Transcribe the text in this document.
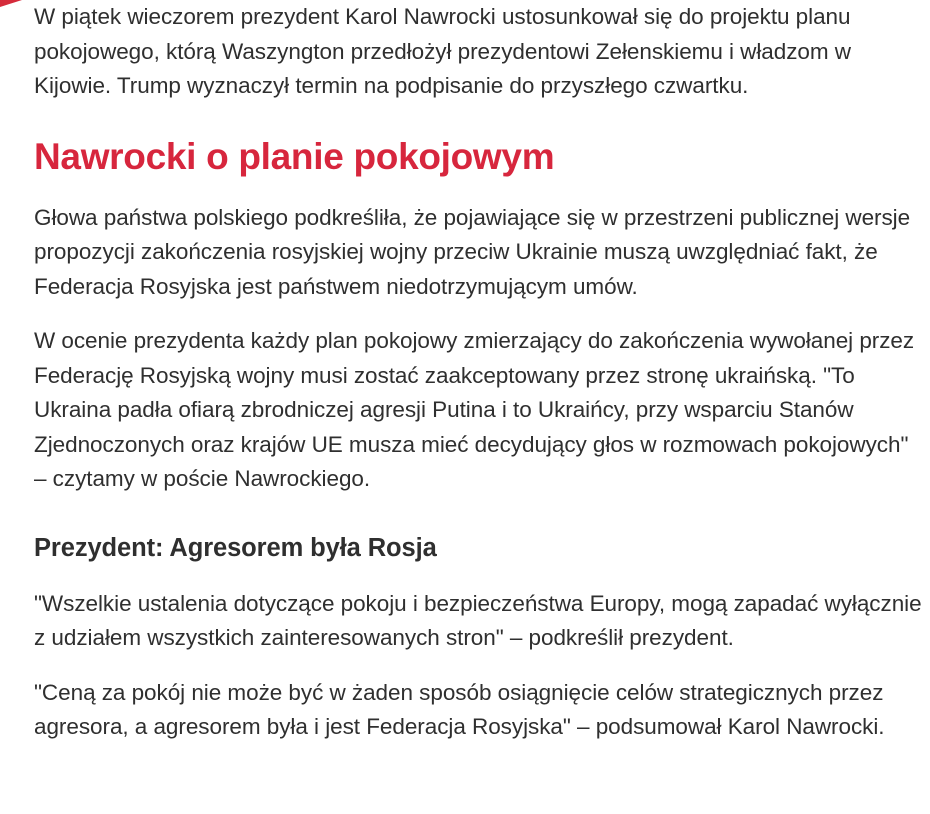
W piątek wieczorem prezydent Karol Nawrocki ustosunkował się do projektu planu pokojowego, którą Waszyngton przedłożył prezydentowi Zełenskiemu i władzom w Kijowie. Trump wyznaczył termin na podpisanie do przyszłego czwartku.

Nawrocki o planie pokojowym

Głowa państwa polskiego podkreśliła, że pojawiające się w przestrzeni publicznej wersje propozycji zakończenia rosyjskiej wojny przeciw Ukrainie muszą uwzględniać fakt, że Federacja Rosyjska jest państwem niedotrzymującym umów.

W ocenie prezydenta każdy plan pokojowy zmierzający do zakończenia wywołanej przez Federację Rosyjską wojny musi zostać zaakceptowany przez stronę ukraińską. "To Ukraina padła ofiarą zbrodniczej agresji Putina i to Ukraińcy, przy wsparciu Stanów Zjednoczonych oraz krajów UE musza mieć decydujący głos w rozmowach pokojowych" – czytamy w poście Nawrockiego.

Prezydent: Agresorem była Rosja

"Wszelkie ustalenia dotyczące pokoju i bezpieczeństwa Europy, mogą zapadać wyłącznie z udziałem wszystkich zainteresowanych stron" – podkreślił prezydent.

"Ceną za pokój nie może być w żaden sposób osiągnięcie celów strategicznych przez agresora, a agresorem była i jest Federacja Rosyjska" – podsumował Karol Nawrocki.
